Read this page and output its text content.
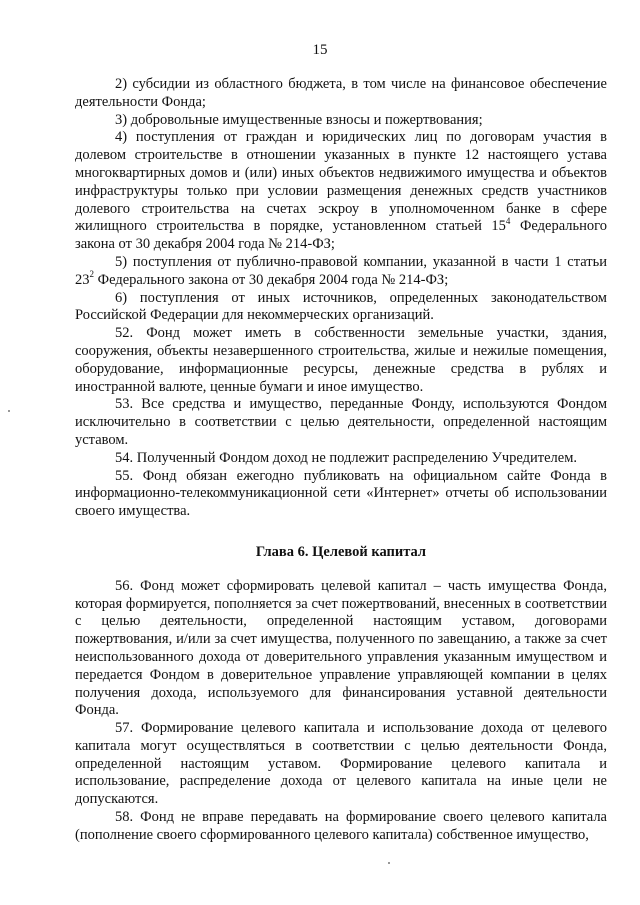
15

2) субсидии из областного бюджета, в том числе на финансовое обеспечение деятельности Фонда;

3) добровольные имущественные взносы и пожертвования;

4) поступления от граждан и юридических лиц по договорам участия в долевом строительстве в отношении указанных в пункте 12 настоящего устава многоквартирных домов и (или) иных объектов недвижимого имущества и объектов инфраструктуры только при условии размещения денежных средств участников долевого строительства на счетах эскроу в уполномоченном банке в сфере жилищного строительства в порядке, установленном статьей $15^4$ Федерального закона от 30 декабря 2004 года № 214-ФЗ;

5) поступления от публично-правовой компании, указанной в части 1 статьи $23^2$ Федерального закона от 30 декабря 2004 года № 214-ФЗ;

6) поступления от иных источников, определенных законодательством Российской Федерации для некоммерческих организаций.

52. Фонд может иметь в собственности земельные участки, здания, сооружения, объекты незавершенного строительства, жилые и нежилые помещения, оборудование, информационные ресурсы, денежные средства в рублях и иностранной валюте, ценные бумаги и иное имущество.

53. Все средства и имущество, переданные Фонду, используются Фондом исключительно в соответствии с целью деятельности, определенной настоящим уставом.

54. Полученный Фондом доход не подлежит распределению Учредителем.

55. Фонд обязан ежегодно публиковать на официальном сайте Фонда в информационно-телекоммуникационной сети «Интернет» отчеты об использовании своего имущества.

Глава 6. Целевой капитал

56. Фонд может сформировать целевой капитал – часть имущества Фонда, которая формируется, пополняется за счет пожертвований, внесенных в соответствии с целью деятельности, определенной настоящим уставом, договорами пожертвования, и/или за счет имущества, полученного по завещанию, а также за счет неиспользованного дохода от доверительного управления указанным имуществом и передается Фондом в доверительное управление управляющей компании в целях получения дохода, используемого для финансирования уставной деятельности Фонда.

57. Формирование целевого капитала и использование дохода от целевого капитала могут осуществляться в соответствии с целью деятельности Фонда, определенной настоящим уставом. Формирование целевого капитала и использование, распределение дохода от целевого капитала на иные цели не допускаются.

58. Фонд не вправе передавать на формирование своего целевого капитала (пополнение своего сформированного целевого капитала) собственное имущество,
